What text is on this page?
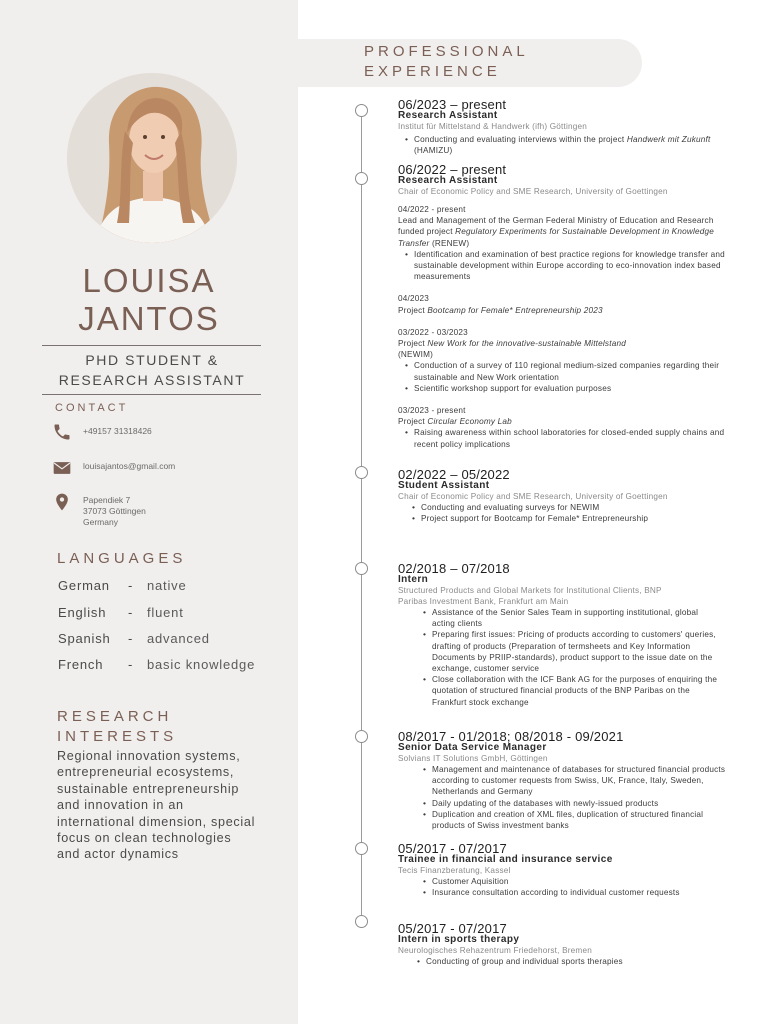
LOUISA
JANTOS
PHD STUDENT &
RESEARCH ASSISTANT
CONTACT
+49157 31318426
louisajantos@gmail.com
Papendiek 7
37073 Göttingen
Germany
LANGUAGES
German - native
English - fluent
Spanish - advanced
French - basic knowledge
RESEARCH
INTERESTS
Regional innovation systems, entrepreneurial ecosystems, sustainable entrepreneurship and innovation in an international dimension, special focus on clean technologies and actor dynamics
PROFESSIONAL
EXPERIENCE
06/2023 – present
Research Assistant
Institut für Mittelstand & Handwerk (ifh) Göttingen
• Conducting and evaluating interviews within the project Handwerk mit Zukunft (HAMIZU)
06/2022 – present
Research Assistant
Chair of Economic Policy and SME Research, University of Goettingen
04/2022 - present
Lead and Management of the German Federal Ministry of Education and Research funded project Regulatory Experiments for Sustainable Development in Knowledge Transfer (RENEW)
• Identification and examination of best practice regions for knowledge transfer and sustainable development within Europe according to eco-innovation index based measurements
04/2023
Project Bootcamp for Female* Entrepreneurship 2023
03/2022 - 03/2023
Project New Work for the innovative-sustainable Mittelstand
(NEWIM)
• Conduction of a survey of 110 regional medium-sized companies regarding their sustainable and New Work orientation
• Scientific workshop support for evaluation purposes
03/2023 - present
Project Circular Economy Lab
• Raising awareness within school laboratories for closed-ended supply chains and recent policy implications
02/2022 – 05/2022
Student Assistant
Chair of Economic Policy and SME Research, University of Goettingen
• Conducting and evaluating surveys for NEWIM
• Project support for Bootcamp for Female* Entrepreneurship
02/2018 – 07/2018
Intern
Structured Products and Global Markets for Institutional Clients, BNP Paribas Investment Bank, Frankfurt am Main
• Assistance of the Senior Sales Team in supporting institutional, global acting clients
• Preparing first issues: Pricing of products according to customers' queries, drafting of products (Preparation of termsheets and Key Information Documents by PRIIP-standards), product support to the issue date on the exchange, customer service
• Close collaboration with the ICF Bank AG for the purposes of enquiring the quotation of structured financial products of the BNP Paribas on the Frankfurt stock exchange
08/2017 - 01/2018; 08/2018 - 09/2021
Senior Data Service Manager
Solvians IT Solutions GmbH, Göttingen
• Management and maintenance of databases for structured financial products according to customer requests from Swiss, UK, France, Italy, Sweden, Netherlands and Germany
• Daily updating of the databases with newly-issued products
• Duplication and creation of XML files, duplication of structured financial products of Swiss investment banks
05/2017 - 07/2017
Trainee in financial and insurance service
Tecis Finanzberatung, Kassel
• Customer Aquisition
• Insurance consultation according to individual customer requests
05/2017 - 07/2017
Intern in sports therapy
Neurologisches Rehazentrum Friedehorst, Bremen
• Conducting of group and individual sports therapies
